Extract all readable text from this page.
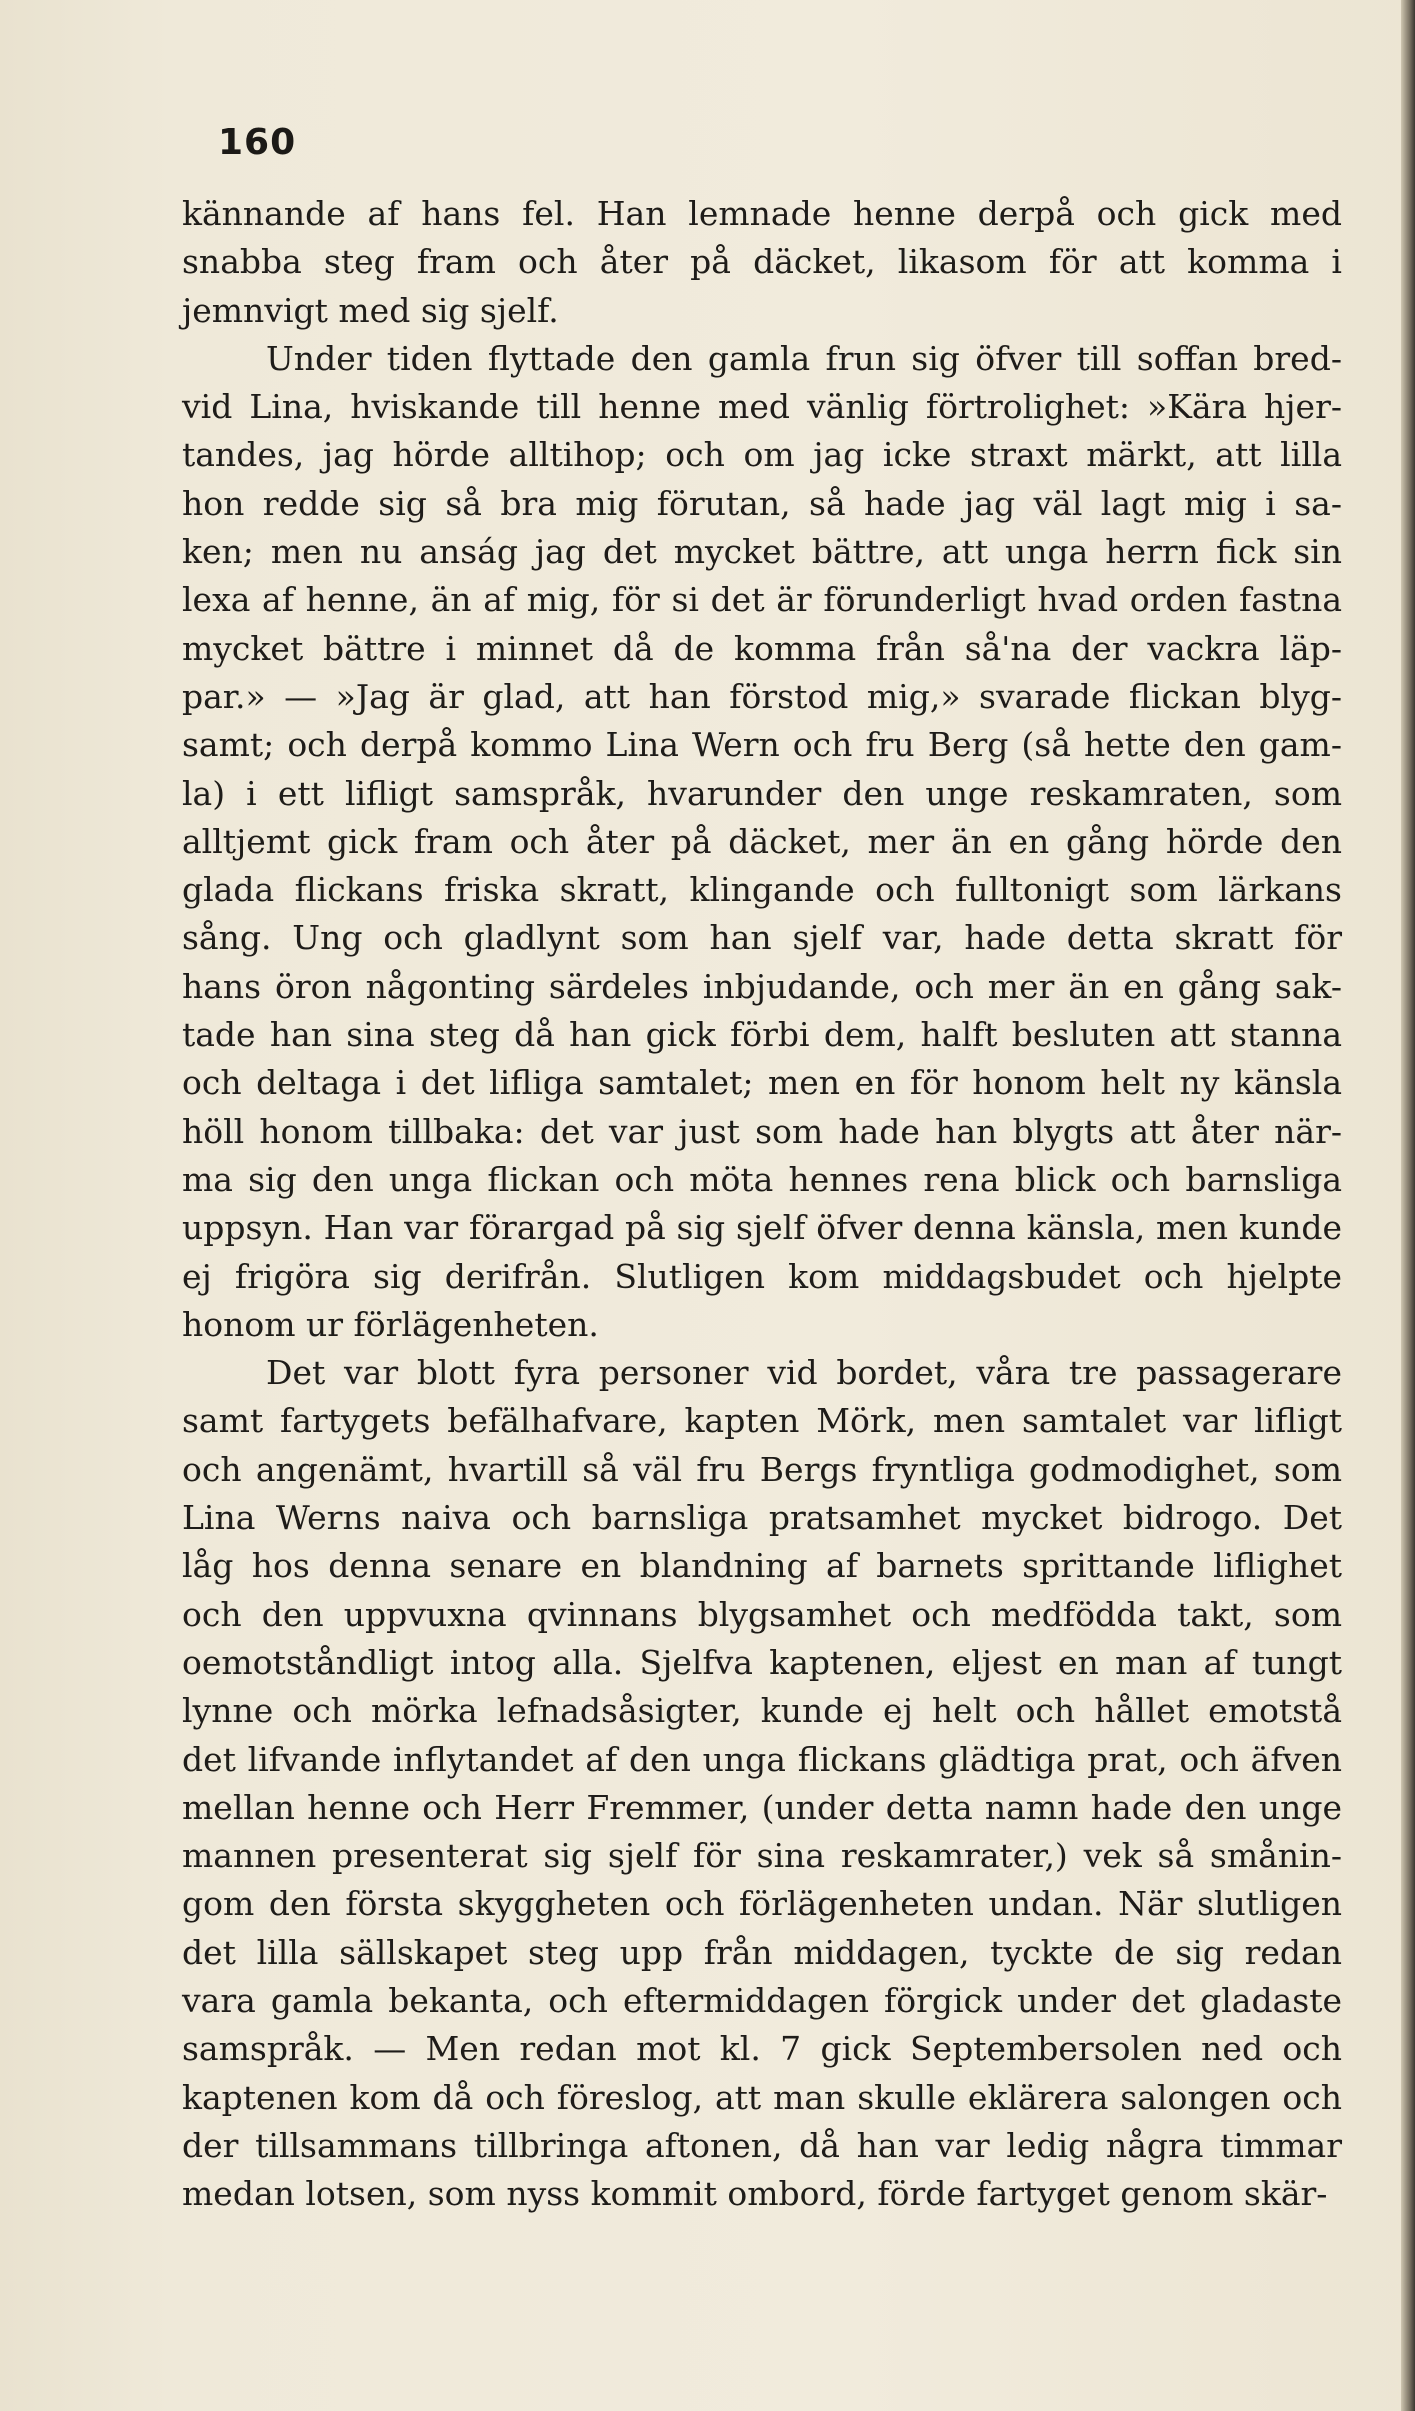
160
kännande af hans fel. Han lemnade henne derpå och gick med
snabba steg fram och åter på däcket, likasom för att komma i
jemnvigt med sig sjelf.
Under tiden flyttade den gamla frun sig öfver till soffan bred-
vid Lina, hviskande till henne med vänlig förtrolighet: »Kära hjer-
tandes, jag hörde alltihop; och om jag icke straxt märkt, att lilla
hon redde sig så bra mig förutan, så hade jag väl lagt mig i sa-
ken; men nu anság jag det mycket bättre, att unga herrn fick sin
lexa af henne, än af mig, för si det är förunderligt hvad orden fastna
mycket bättre i minnet då de komma från så'na der vackra läp-
par.» — »Jag är glad, att han förstod mig,» svarade flickan blyg-
samt; och derpå kommo Lina Wern och fru Berg (så hette den gam-
la) i ett lifligt samspråk, hvarunder den unge reskamraten, som
alltjemt gick fram och åter på däcket, mer än en gång hörde den
glada flickans friska skratt, klingande och fulltonigt som lärkans
sång. Ung och gladlynt som han sjelf var, hade detta skratt för
hans öron någonting särdeles inbjudande, och mer än en gång sak-
tade han sina steg då han gick förbi dem, halft besluten att stanna
och deltaga i det lifliga samtalet; men en för honom helt ny känsla
höll honom tillbaka: det var just som hade han blygts att åter när-
ma sig den unga flickan och möta hennes rena blick och barnsliga
uppsyn. Han var förargad på sig sjelf öfver denna känsla, men kunde
ej frigöra sig derifrån. Slutligen kom middagsbudet och hjelpte
honom ur förlägenheten.
Det var blott fyra personer vid bordet, våra tre passagerare
samt fartygets befälhafvare, kapten Mörk, men samtalet var lifligt
och angenämt, hvartill så väl fru Bergs fryntliga godmodighet, som
Lina Werns naiva och barnsliga pratsamhet mycket bidrogo. Det
låg hos denna senare en blandning af barnets sprittande liflighet
och den uppvuxna qvinnans blygsamhet och medfödda takt, som
oemotståndligt intog alla. Sjelfva kaptenen, eljest en man af tungt
lynne och mörka lefnadsåsigter, kunde ej helt och hållet emotstå
det lifvande inflytandet af den unga flickans glädtiga prat, och äfven
mellan henne och Herr Fremmer, (under detta namn hade den unge
mannen presenterat sig sjelf för sina reskamrater,) vek så smånin-
gom den första skyggheten och förlägenheten undan. När slutligen
det lilla sällskapet steg upp från middagen, tyckte de sig redan
vara gamla bekanta, och eftermiddagen förgick under det gladaste
samspråk. — Men redan mot kl. 7 gick Septembersolen ned och
kaptenen kom då och föreslog, att man skulle eklärera salongen och
der tillsammans tillbringa aftonen, då han var ledig några timmar
medan lotsen, som nyss kommit ombord, förde fartyget genom skär-
